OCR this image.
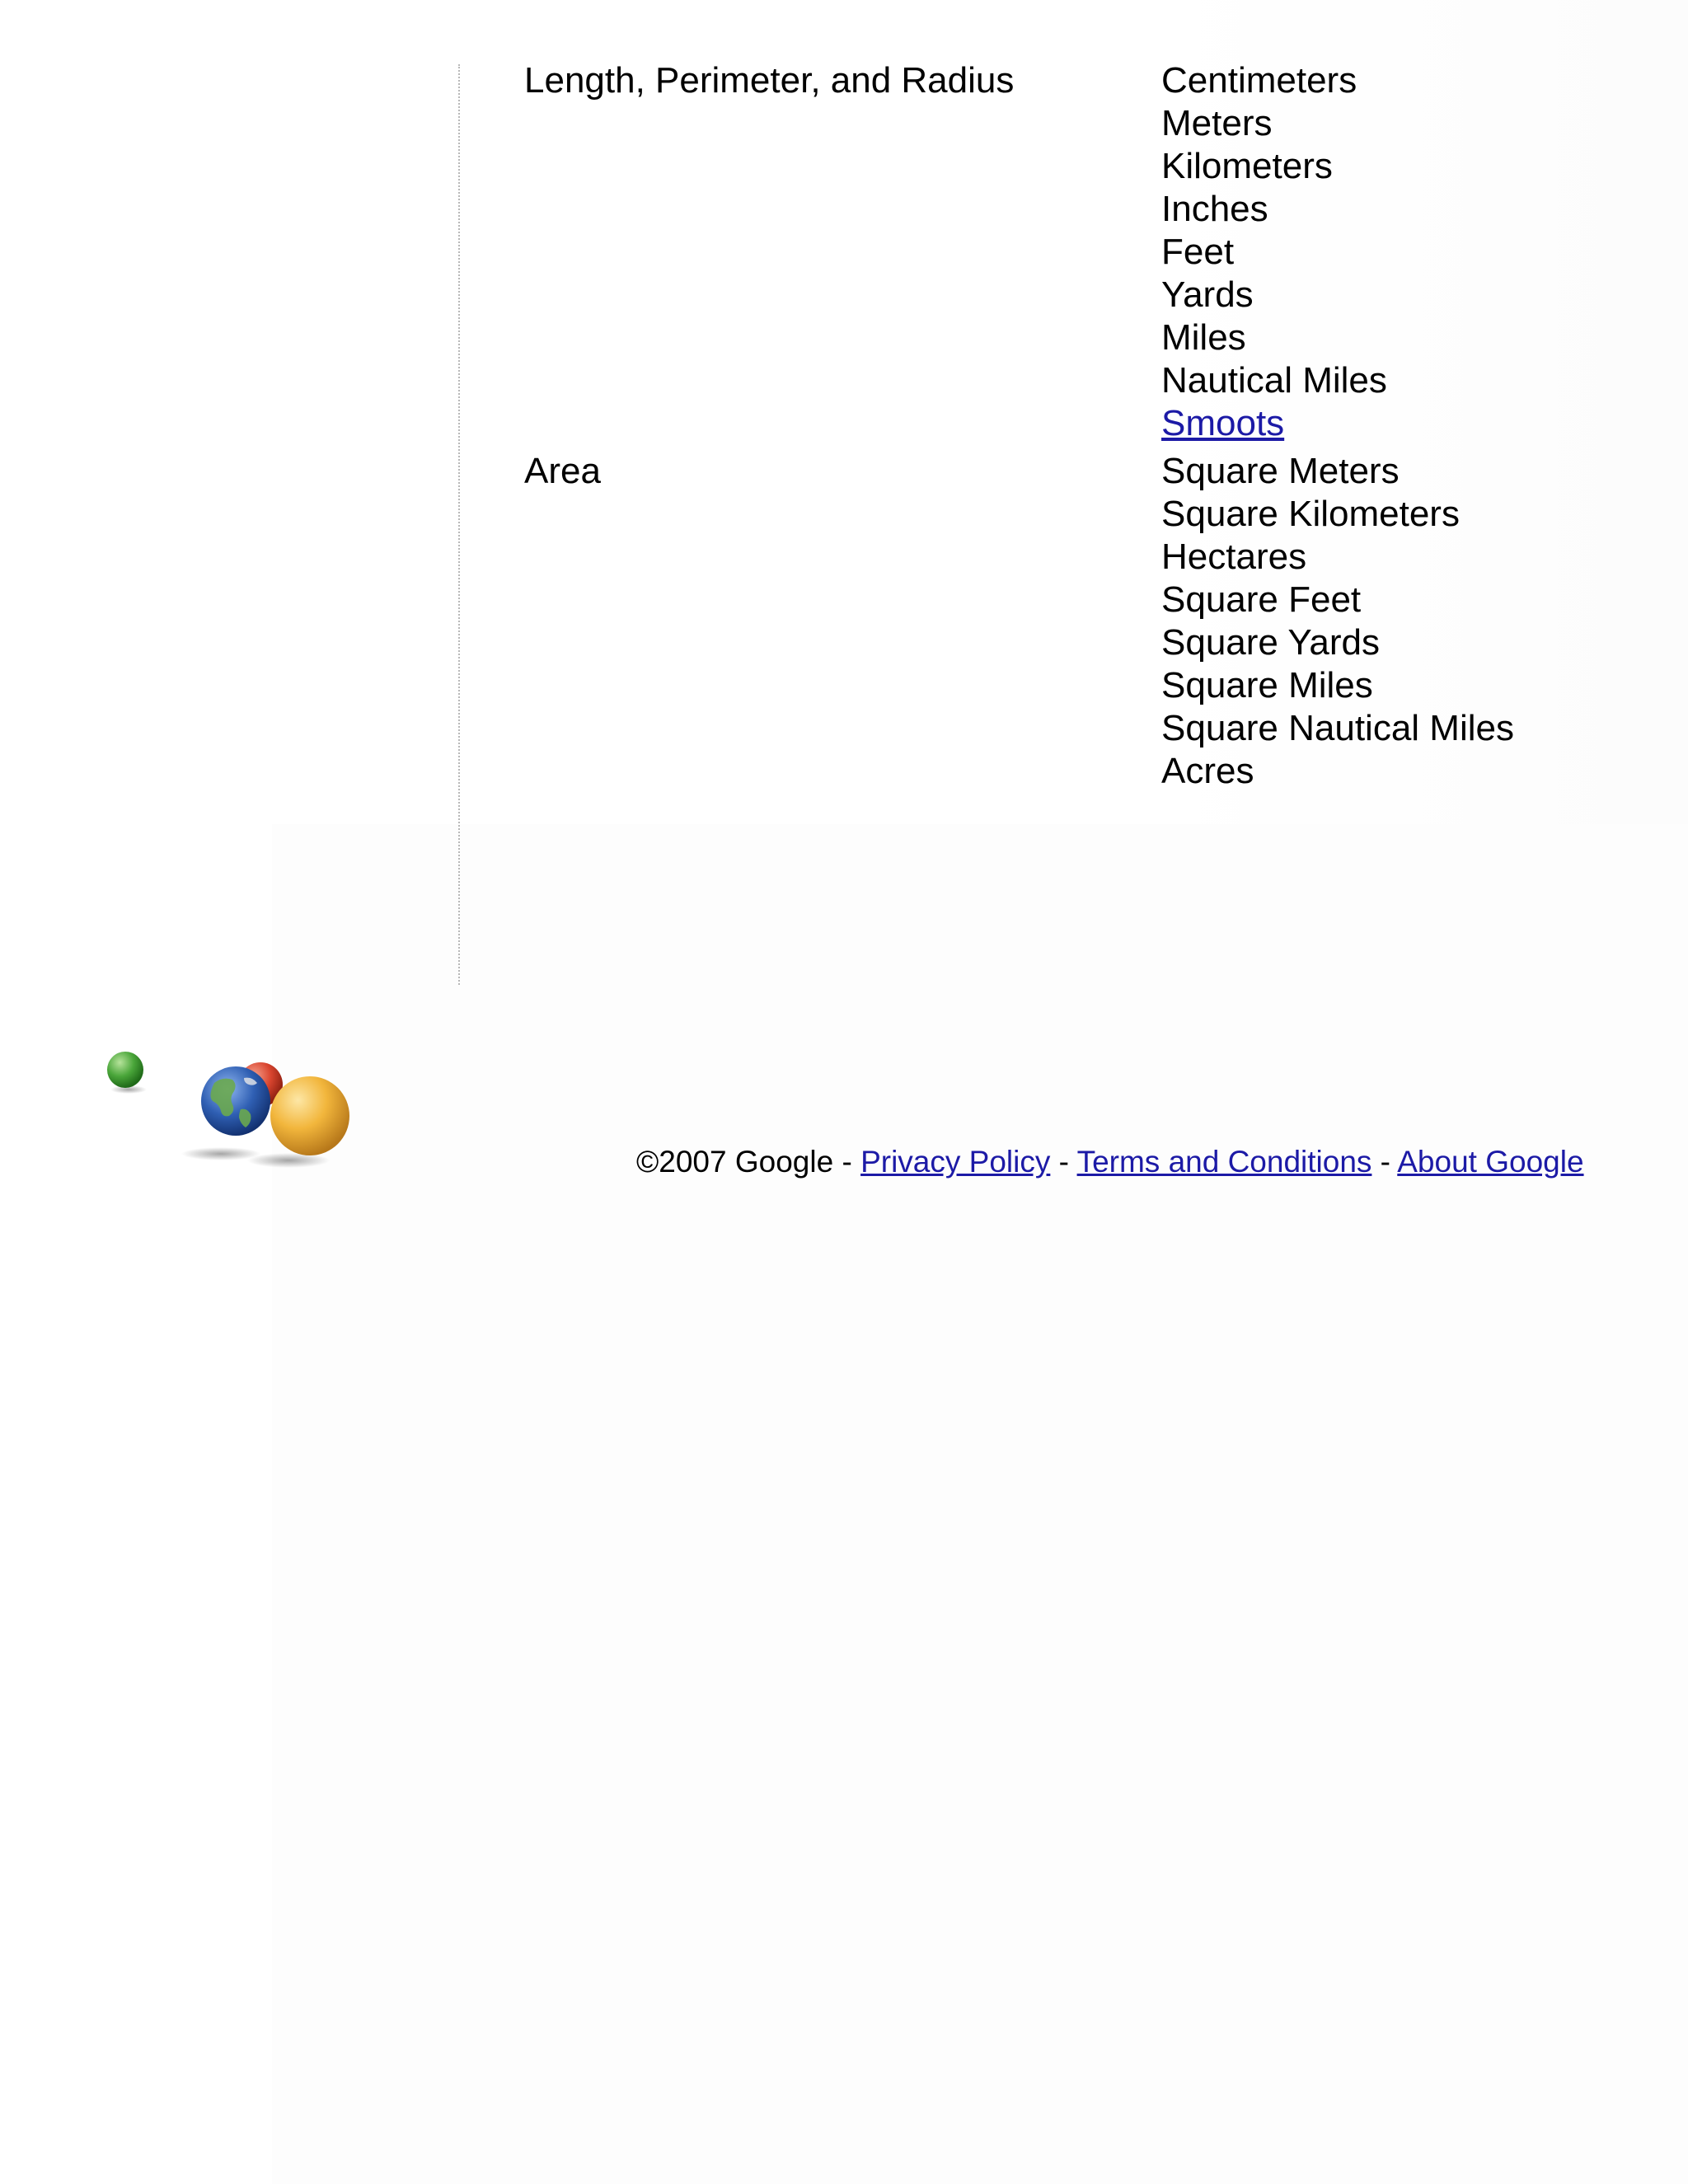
Length, Perimeter, and Radius	Centimeters
Meters
Kilometers
Inches
Feet
Yards
Miles
Nautical Miles
Smoots
Area	Square Meters
Square Kilometers
Hectares
Square Feet
Square Yards
Square Miles
Square Nautical Miles
Acres
©2007 Google - Privacy Policy - Terms and Conditions - About Google
